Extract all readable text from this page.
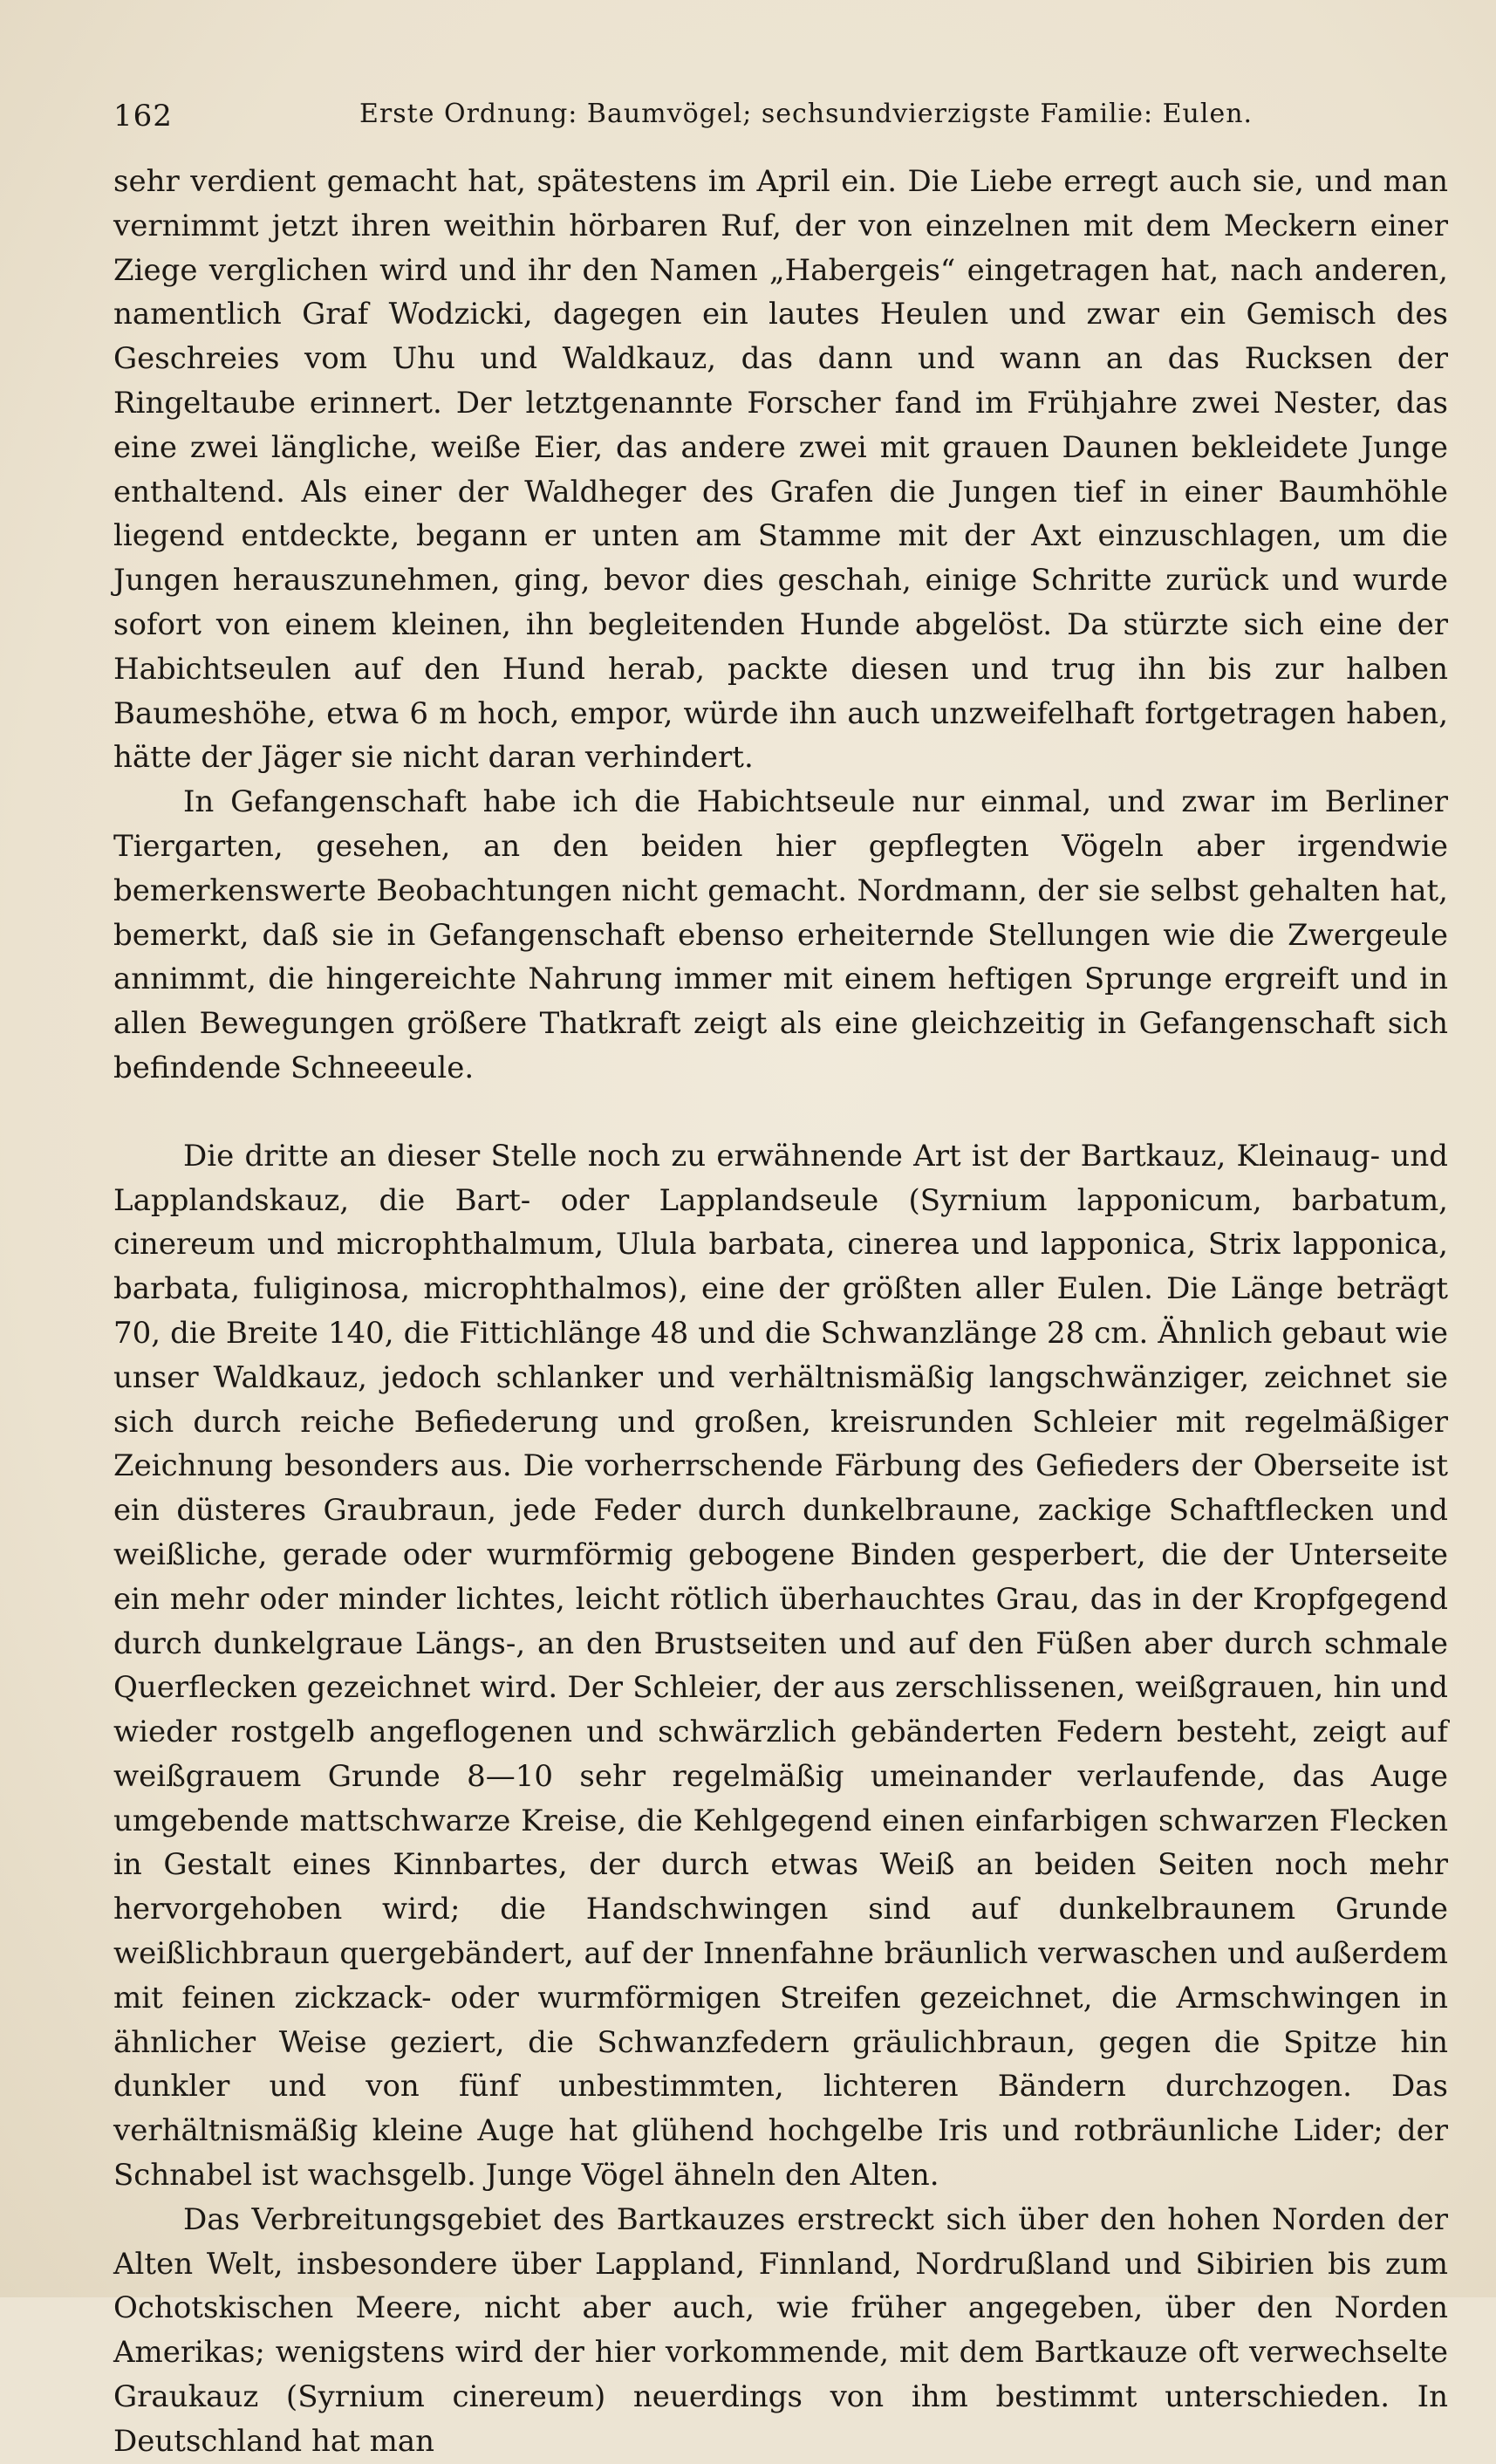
162	Erste Ordnung: Baumvögel; sechsundvierzigste Familie: Eulen.

sehr verdient gemacht hat, spätestens im April ein. Die Liebe erregt auch sie, und man vernimmt jetzt ihren weithin hörbaren Ruf, der von einzelnen mit dem Meckern einer Ziege verglichen wird und ihr den Namen „Habergeis“ eingetragen hat, nach anderen, namentlich Graf Wodzicki, dagegen ein lautes Heulen und zwar ein Gemisch des Geschreies vom Uhu und Waldkauz, das dann und wann an das Rucksen der Ringeltaube erinnert. Der letztgenannte Forscher fand im Frühjahre zwei Nester, das eine zwei längliche, weiße Eier, das andere zwei mit grauen Daunen bekleidete Junge enthaltend. Als einer der Waldheger des Grafen die Jungen tief in einer Baumhöhle liegend entdeckte, begann er unten am Stamme mit der Axt einzuschlagen, um die Jungen herauszunehmen, ging, bevor dies geschah, einige Schritte zurück und wurde sofort von einem kleinen, ihn begleitenden Hunde abgelöst. Da stürzte sich eine der Habichtseulen auf den Hund herab, packte diesen und trug ihn bis zur halben Baumeshöhe, etwa 6 m hoch, empor, würde ihn auch unzweifelhaft fortgetragen haben, hätte der Jäger sie nicht daran verhindert.

In Gefangenschaft habe ich die Habichtseule nur einmal, und zwar im Berliner Tiergarten, gesehen, an den beiden hier gepflegten Vögeln aber irgendwie bemerkenswerte Beobachtungen nicht gemacht. Nordmann, der sie selbst gehalten hat, bemerkt, daß sie in Gefangenschaft ebenso erheiternde Stellungen wie die Zwergeule annimmt, die hingereichte Nahrung immer mit einem heftigen Sprunge ergreift und in allen Bewegungen größere Thatkraft zeigt als eine gleichzeitig in Gefangenschaft sich befindende Schneeeule.

Die dritte an dieser Stelle noch zu erwähnende Art ist der Bartkauz, Kleinaug- und Lapplandskauz, die Bart- oder Lapplandseule (Syrnium lapponicum, barbatum, cinereum und microphthalmum, Ulula barbata, cinerea und lapponica, Strix lapponica, barbata, fuliginosa, microphthalmos), eine der größten aller Eulen. Die Länge beträgt 70, die Breite 140, die Fittichlänge 48 und die Schwanzlänge 28 cm. Ähnlich gebaut wie unser Waldkauz, jedoch schlanker und verhältnismäßig langschwänziger, zeichnet sie sich durch reiche Befiederung und großen, kreisrunden Schleier mit regelmäßiger Zeichnung besonders aus. Die vorherrschende Färbung des Gefieders der Oberseite ist ein düsteres Graubraun, jede Feder durch dunkelbraune, zackige Schaftflecken und weißliche, gerade oder wurmförmig gebogene Binden gesperbert, die der Unterseite ein mehr oder minder lichtes, leicht rötlich überhauchtes Grau, das in der Kropfgegend durch dunkelgraue Längs-, an den Brustseiten und auf den Füßen aber durch schmale Querflecken gezeichnet wird. Der Schleier, der aus zerschlissenen, weißgrauen, hin und wieder rostgelb angeflogenen und schwärzlich gebänderten Federn besteht, zeigt auf weißgrauem Grunde 8—10 sehr regelmäßig umeinander verlaufende, das Auge umgebende mattschwarze Kreise, die Kehlgegend einen einfarbigen schwarzen Flecken in Gestalt eines Kinnbartes, der durch etwas Weiß an beiden Seiten noch mehr hervorgehoben wird; die Handschwingen sind auf dunkelbraunem Grunde weißlichbraun quergebändert, auf der Innenfahne bräunlich verwaschen und außerdem mit feinen zickzack- oder wurmförmigen Streifen gezeichnet, die Armschwingen in ähnlicher Weise geziert, die Schwanzfedern gräulichbraun, gegen die Spitze hin dunkler und von fünf unbestimmten, lichteren Bändern durchzogen. Das verhältnismäßig kleine Auge hat glühend hochgelbe Iris und rotbräunliche Lider; der Schnabel ist wachsgelb. Junge Vögel ähneln den Alten.

Das Verbreitungsgebiet des Bartkauzes erstreckt sich über den hohen Norden der Alten Welt, insbesondere über Lappland, Finnland, Nordrußland und Sibirien bis zum Ochotskischen Meere, nicht aber auch, wie früher angegeben, über den Norden Amerikas; wenigstens wird der hier vorkommende, mit dem Bartkauze oft verwechselte Graukauz (Syrnium cinereum) neuerdings von ihm bestimmt unterschieden. In Deutschland hat man
